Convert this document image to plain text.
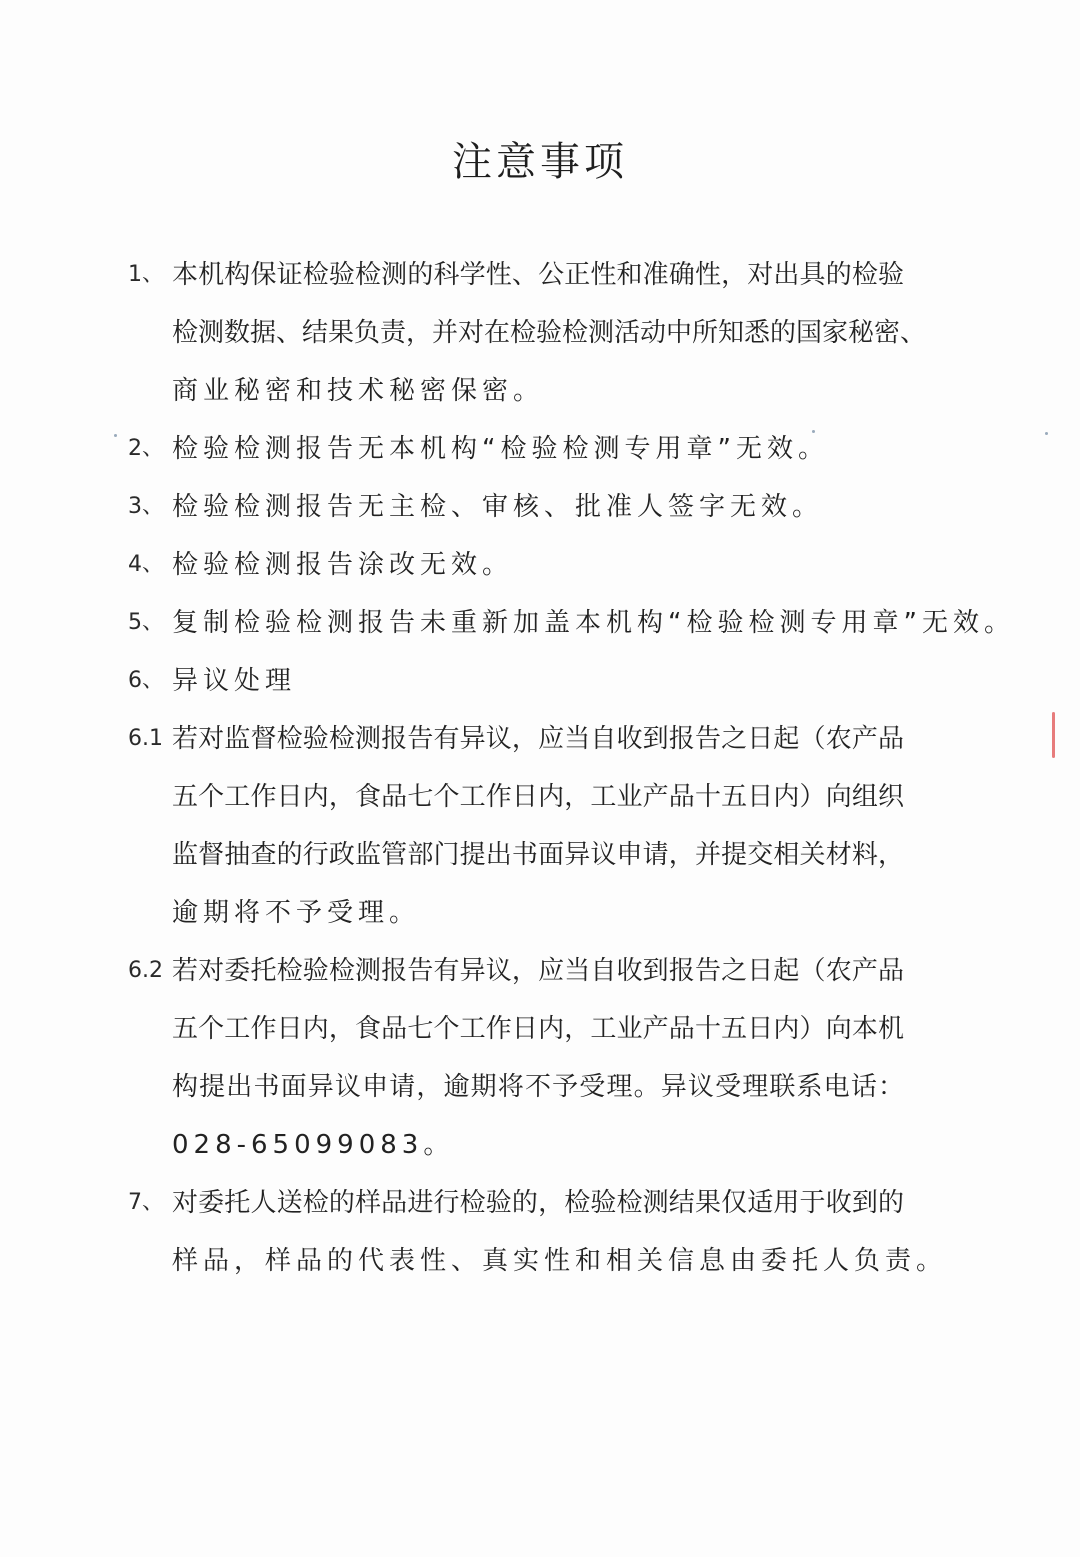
注意事项
1、 本机构保证检验检测的科学性、公正性和准确性，对出具的检验
检测数据、结果负责，并对在检验检测活动中所知悉的国家秘密、
商业秘密和技术秘密保密。
2、 检验检测报告无本机构“检验检测专用章”无效。
3、 检验检测报告无主检、审核、批准人签字无效。
4、 检验检测报告涂改无效。
5、 复制检验检测报告未重新加盖本机构“检验检测专用章”无效。
6、 异议处理
6.1 若对监督检验检测报告有异议，应当自收到报告之日起（农产品
五个工作日内，食品七个工作日内，工业产品十五日内）向组织
监督抽查的行政监管部门提出书面异议申请，并提交相关材料，
逾期将不予受理。
6.2 若对委托检验检测报告有异议，应当自收到报告之日起（农产品
五个工作日内，食品七个工作日内，工业产品十五日内）向本机
构提出书面异议申请，逾期将不予受理。异议受理联系电话：
028-65099083。
7、 对委托人送检的样品进行检验的，检验检测结果仅适用于收到的
样品，样品的代表性、真实性和相关信息由委托人负责。
